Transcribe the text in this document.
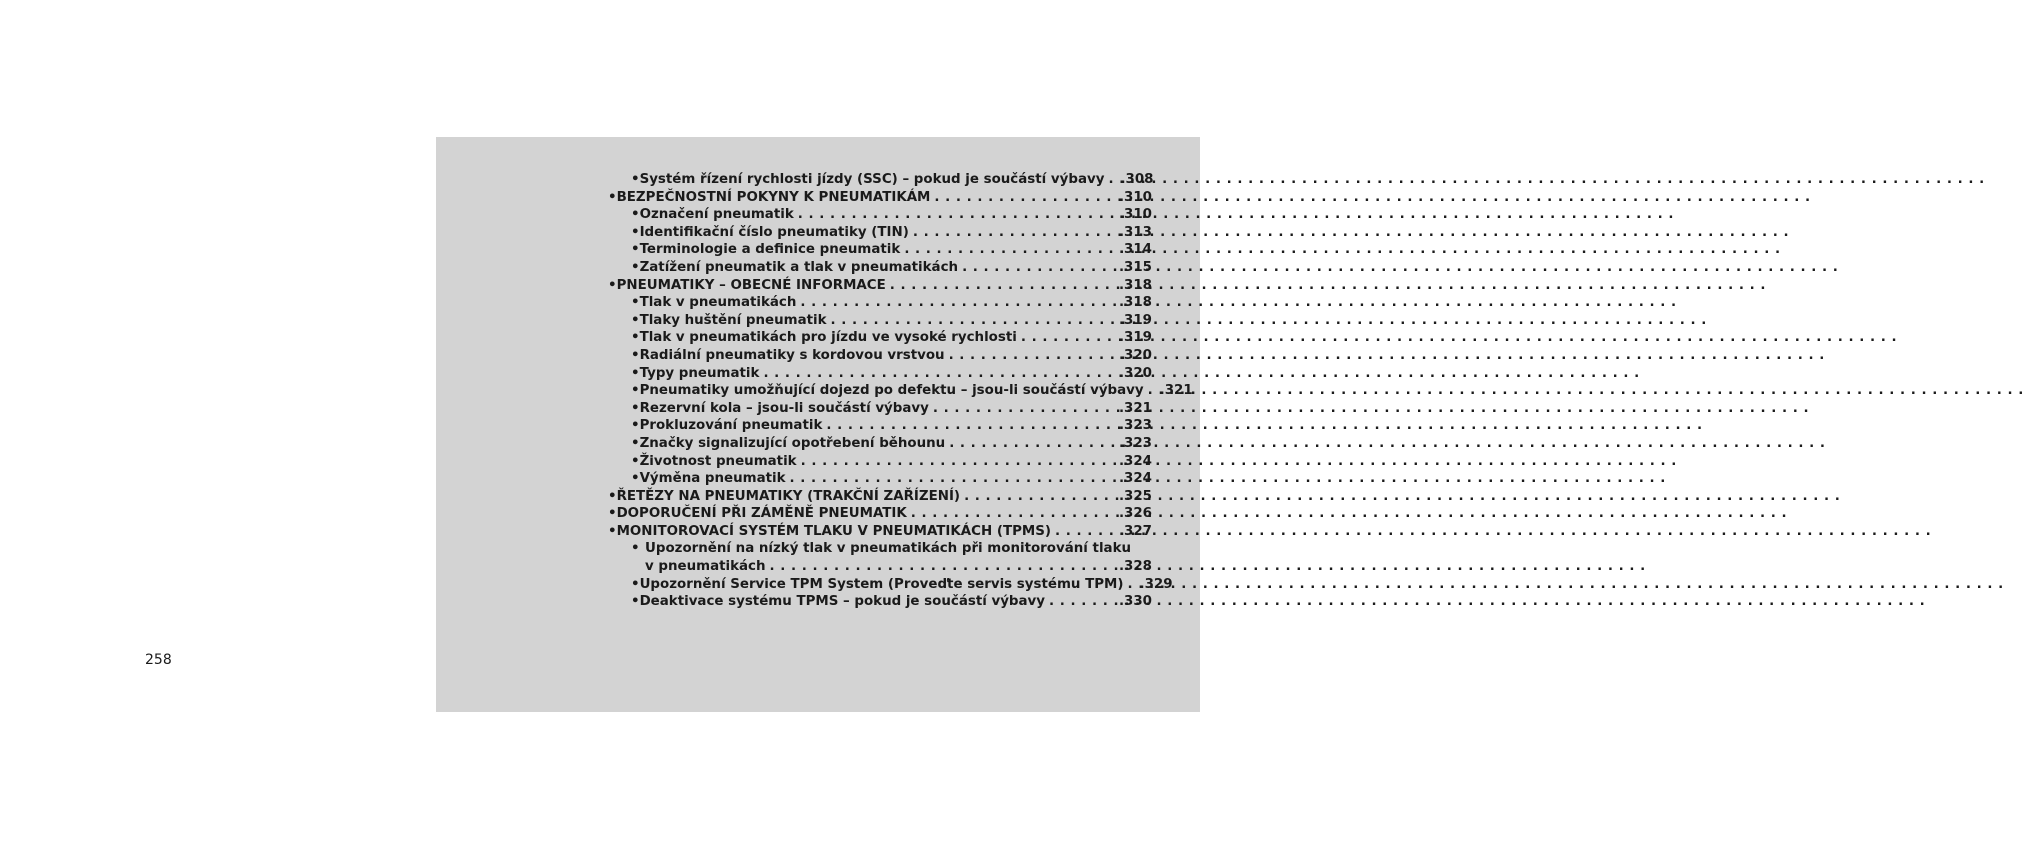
• Systém řízení rychlosti jízdy (SSC) – pokud je součástí výbavy . . . .308
• BEZPEČNOSTNÍ POKYNY K PNEUMATIKÁM . . .	.310
• Označení pneumatik . . .	.310
• Identifikační číslo pneumatiky (TIN) . . .	.313
• Terminologie a definice pneumatik . . .	.314
• Zatížení pneumatik a tlak v pneumatikách . . .	.315
• PNEUMATIKY – OBECNÉ INFORMACE . . .	.318
• Tlak v pneumatikách . . .	.318
• Tlaky huštění pneumatik . . .	.319
• Tlak v pneumatikách pro jízdu ve vysoké rychlosti . . .	.319
• Radiální pneumatiky s kordovou vrstvou . . .	.320
• Typy pneumatik . . .	.320
• Pneumatiky umožňující dojezd po defektu – jsou-li součástí výbavy . . . .321
• Rezervní kola – jsou-li součástí výbavy . . .	.321
• Prokluzování pneumatik . . .	.323
• Značky signalizující opotřebení běhounu . . .	.323
• Životnost pneumatik . . .	.324
• Výměna pneumatik . . .	.324
• ŘETĚZY NA PNEUMATIKY (TRAKČNÍ ZAŘÍZENÍ) . . .	.325
• DOPORUČENÍ PŘI ZÁMĚNĚ PNEUMATIK . . .	.326
• MONITOROVACÍ SYSTÉM TLAKU V PNEUMATIKÁCH (TPMS) . . .	.327
• Upozornění na nízký tlak v pneumatikách při monitorování tlaku
v pneumatikách . . .	.328
• Upozornění Service TPM System (Proveďte servis systému TPM) . . . .329
• Deaktivace systému TPMS – pokud je součástí výbavy . . .	.330
258
